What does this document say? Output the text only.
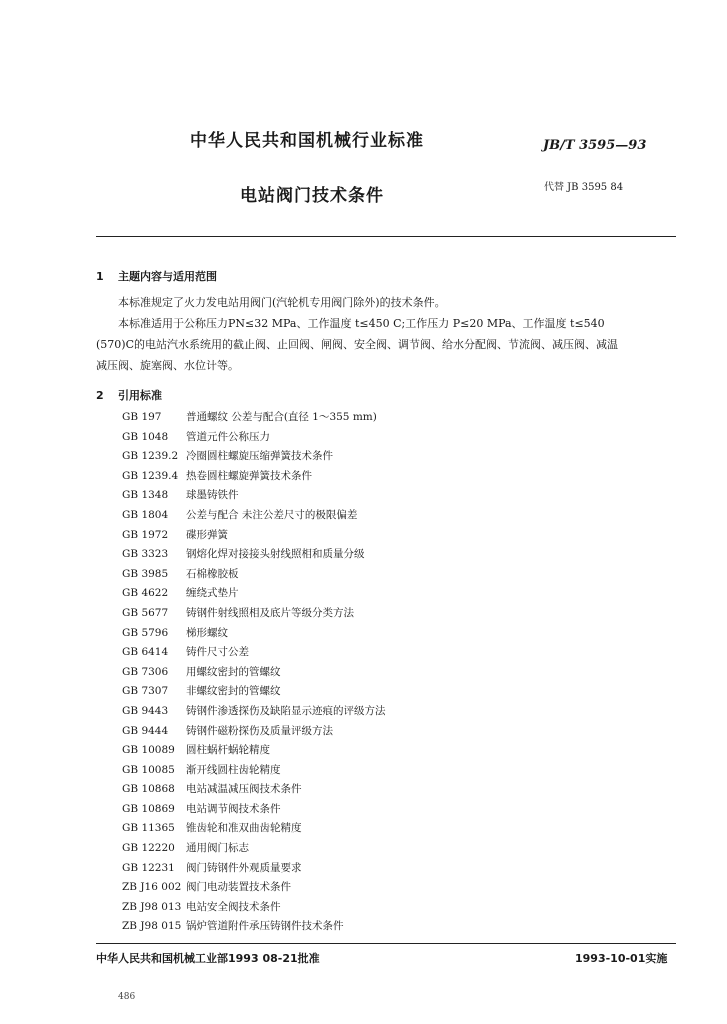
中华人民共和国机械行业标准	JB/T 3595—93
电站阀门技术条件	代替 JB 3595 84
1 主题内容与适用范围
本标准规定了火力发电站用阀门(汽轮机专用阀门除外)的技术条件。
本标准适用于公称压力PN≤32 MPa、工作温度 t≤450 C;工作压力 P≤20 MPa、工作温度 t≤540
(570)C的电站汽水系统用的截止阀、止回阀、闸阀、安全阀、调节阀、给水分配阀、节流阀、减压阀、减温
减压阀、旋塞阀、水位计等。
2 引用标准
GB 197 普通螺纹 公差与配合(直径 1～355 mm)
GB 1048 管道元件公称压力
GB 1239.2 冷圈圆柱螺旋压缩弹簧技术条件
GB 1239.4 热卷圆柱螺旋弹簧技术条件
GB 1348 球墨铸铁件
GB 1804 公差与配合 未注公差尺寸的极限偏差
GB 1972 碟形弹簧
GB 3323 钢熔化焊对接接头射线照相和质量分级
GB 3985 石棉橡胶板
GB 4622 缠绕式垫片
GB 5677 铸钢件射线照相及底片等级分类方法
GB 5796 梯形螺纹
GB 6414 铸件尺寸公差
GB 7306 用螺纹密封的管螺纹
GB 7307 非螺纹密封的管螺纹
GB 9443 铸钢件渗透探伤及缺陷显示迹痕的评级方法
GB 9444 铸钢件磁粉探伤及质量评级方法
GB 10089 圆柱蜗杆蜗轮精度
GB 10085 渐开线圆柱齿轮精度
GB 10868 电站减温减压阀技术条件
GB 10869 电站调节阀技术条件
GB 11365 锥齿轮和准双曲齿轮精度
GB 12220 通用阀门标志
GB 12231 阀门铸钢件外观质量要求
ZB J16 002 阀门电动装置技术条件
ZB J98 013 电站安全阀技术条件
ZB J98 015 锅炉管道附件承压铸钢件技术条件
中华人民共和国机械工业部1993 08-21批准	1993-10-01实施
486
